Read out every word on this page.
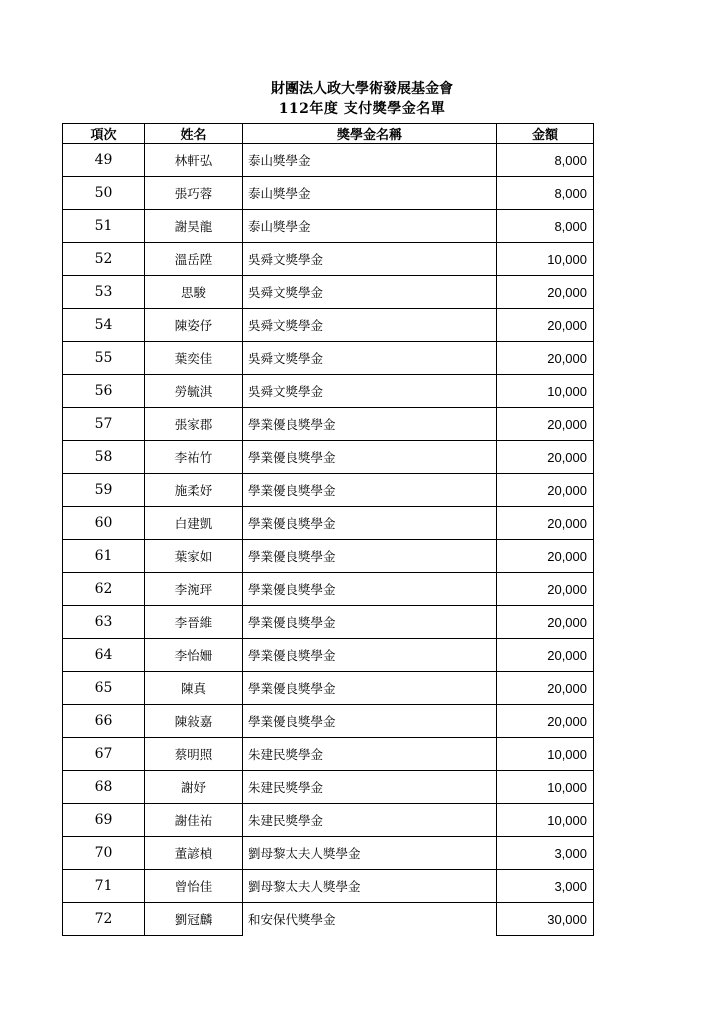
財團法人政大學術發展基金會
112年度 支付獎學金名單
項次	姓名	獎學金名稱	金額
49	林軒弘	泰山獎學金	8,000
50	張巧蓉	泰山獎學金	8,000
51	謝昊龍	泰山獎學金	8,000
52	溫岳陞	吳舜文獎學金	10,000
53	思駿	吳舜文獎學金	20,000
54	陳姿伃	吳舜文獎學金	20,000
55	葉奕佳	吳舜文獎學金	20,000
56	勞毓淇	吳舜文獎學金	10,000
57	張家郡	學業優良獎學金	20,000
58	李祐竹	學業優良獎學金	20,000
59	施柔妤	學業優良獎學金	20,000
60	白建凱	學業優良獎學金	20,000
61	葉家如	學業優良獎學金	20,000
62	李涴玶	學業優良獎學金	20,000
63	李晉維	學業優良獎學金	20,000
64	李怡姍	學業優良獎學金	20,000
65	陳真	學業優良獎學金	20,000
66	陳敍嘉	學業優良獎學金	20,000
67	蔡明照	朱建民獎學金	10,000
68	謝妤	朱建民獎學金	10,000
69	謝佳祐	朱建民獎學金	10,000
70	董諺楨	劉母黎太夫人獎學金	3,000
71	曾怡佳	劉母黎太夫人獎學金	3,000
72	劉冠麟	和安保代獎學金	30,000
